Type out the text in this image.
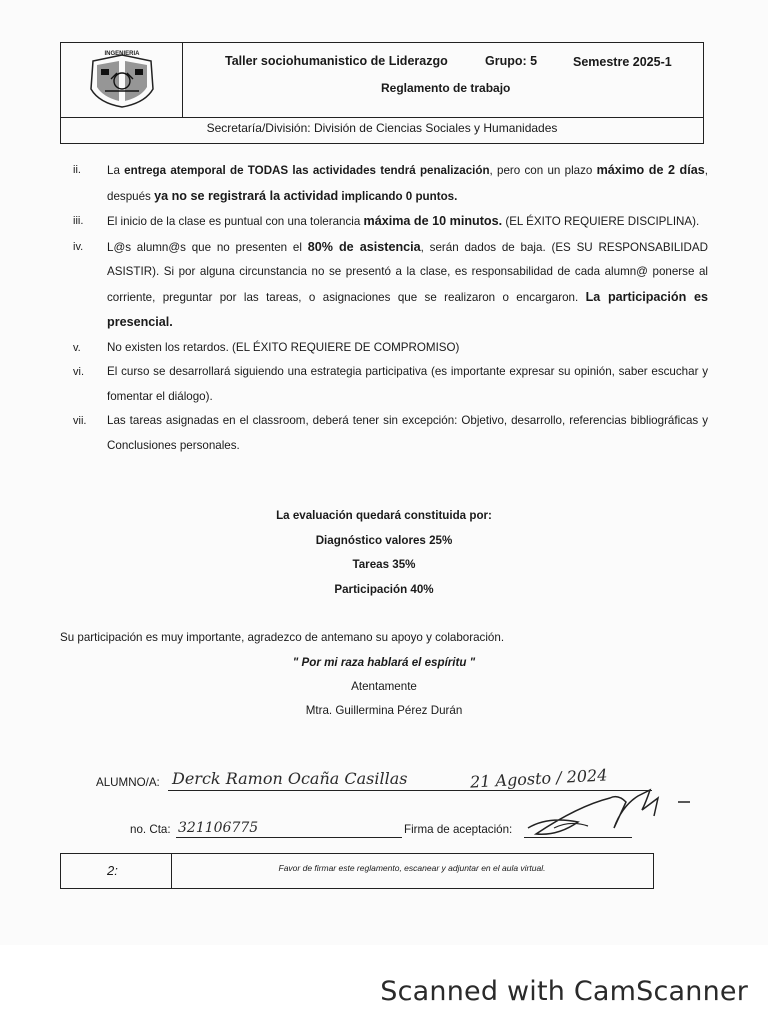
INGENIERIA	Taller sociohumanistico de Liderazgo	Grupo: 5	Semestre 2025-1
Reglamento de trabajo
Secretaría/División: División de Ciencias Sociales y Humanidades
ii. La entrega atemporal de TODAS las actividades tendrá penalización, pero con un plazo máximo de 2 días, después ya no se registrará la actividad implicando 0 puntos.
iii. El inicio de la clase es puntual con una tolerancia máxima de 10 minutos. (EL ÉXITO REQUIERE DISCIPLINA).
iv. L@s alumn@s que no presenten el 80% de asistencia, serán dados de baja. (ES SU RESPONSABILIDAD ASISTIR). Si por alguna circunstancia no se presentó a la clase, es responsabilidad de cada alumn@ ponerse al corriente, preguntar por las tareas, o asignaciones que se realizaron o encargaron. La participación es presencial.
v. No existen los retardos. (EL ÉXITO REQUIERE DE COMPROMISO)
vi. El curso se desarrollará siguiendo una estrategia participativa (es importante expresar su opinión, saber escuchar y fomentar el diálogo).
vii. Las tareas asignadas en el classroom, deberá tener sin excepción: Objetivo, desarrollo, referencias bibliográficas y Conclusiones personales.
La evaluación quedará constituida por:
Diagnóstico valores 25%
Tareas 35%
Participación 40%
Su participación es muy importante, agradezco de antemano su apoyo y colaboración.
" Por mi raza hablará el espíritu "
Atentamente
Mtra. Guillermina Pérez Durán
ALUMNO/A: Derck Ramon Ocaña Casillas	21 Agosto / 2024
no. Cta: 321106775	Firma de aceptación:
2:	Favor de firmar este reglamento, escanear y adjuntar en el aula virtual.
Scanned with CamScanner
